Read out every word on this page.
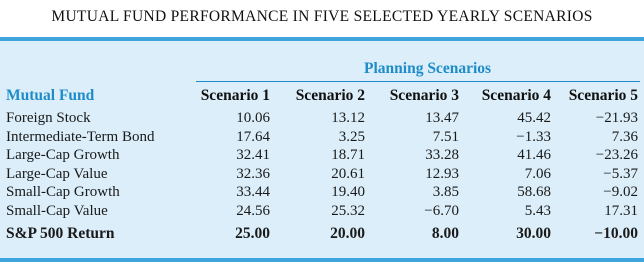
MUTUAL FUND PERFORMANCE IN FIVE SELECTED YEARLY SCENARIOS
Planning Scenarios
Mutual Fund	Scenario 1 Scenario 2 Scenario 3 Scenario 4 Scenario 5
Foreign Stock	10.06	13.12	13.47	45.42	−21.93
Intermediate-Term Bond	17.64	3.25	7.51	−1.33	7.36
Large-Cap Growth	32.41	18.71	33.28	41.46	−23.26
Large-Cap Value	32.36	20.61	12.93	7.06	−5.37
Small-Cap Growth	33.44	19.40	3.85	58.68	−9.02
Small-Cap Value	24.56	25.32	−6.70	5.43	17.31
S&P 500 Return	25.00	20.00	8.00	30.00	−10.00
